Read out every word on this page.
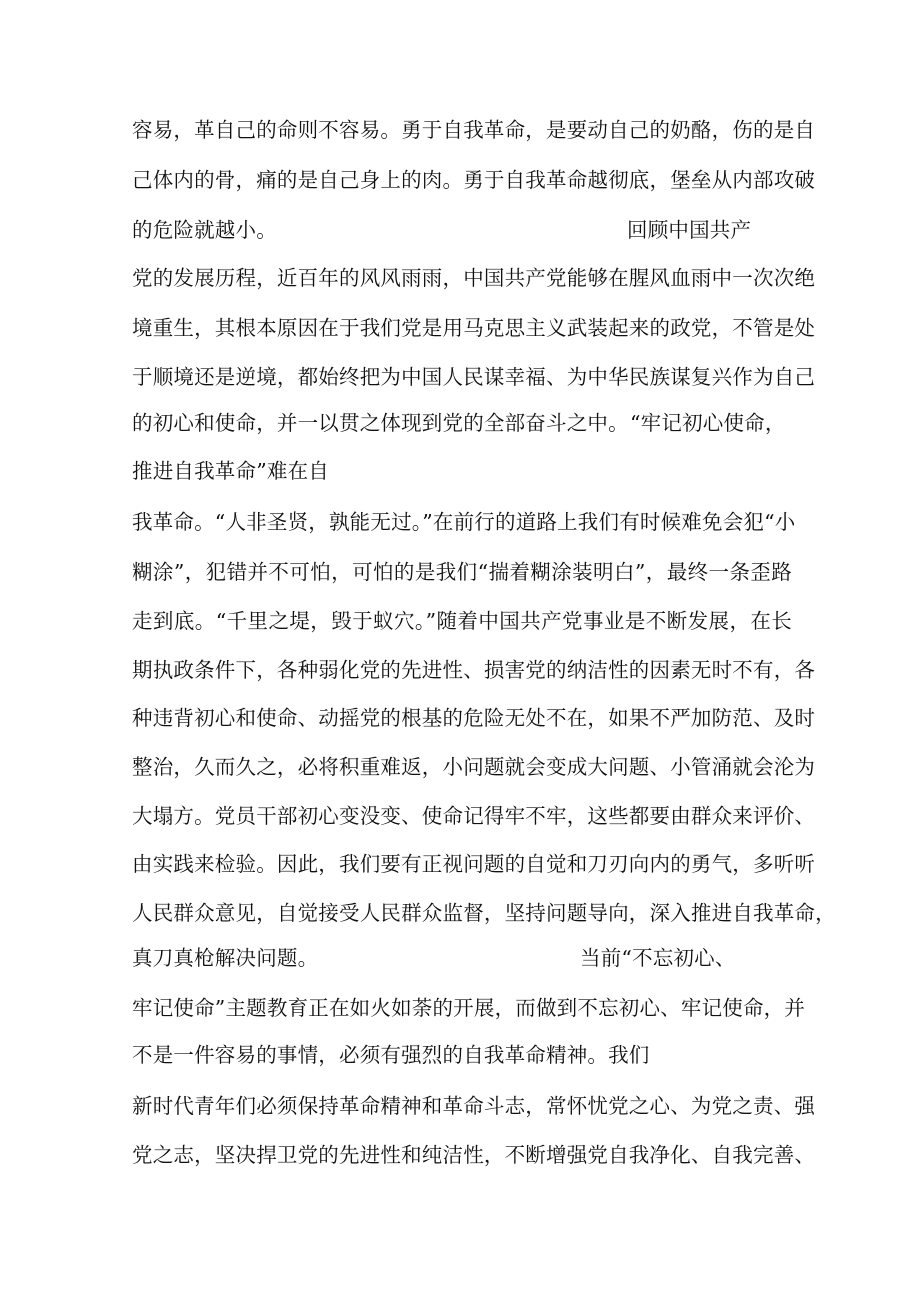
容易，革自己的命则不容易。勇于自我革命，是要动自己的奶酪，伤的是自
己体内的骨，痛的是自己身上的肉。勇于自我革命越彻底，堡垒从内部攻破
的危险就越小。	回顾中国共产
党的发展历程，近百年的风风雨雨，中国共产党能够在腥风血雨中一次次绝
境重生，其根本原因在于我们党是用马克思主义武装起来的政党，不管是处
于顺境还是逆境，都始终把为中国人民谋幸福、为中华民族谋复兴作为自己
的初心和使命，并一以贯之体现到党的全部奋斗之中。 “牢记初心使命，
推进自我革命”难在自
我革命。“人非圣贤，孰能无过。”在前行的道路上我们有时候难免会犯“小
糊涂”，犯错并不可怕，可怕的是我们“揣着糊涂装明白”，最终一条歪路
走到底。“千里之堤，毁于蚁穴。”随着中国共产党事业是不断发展，在长
期执政条件下，各种弱化党的先进性、损害党的纳洁性的因素无时不有，各
种违背初心和使命、动摇党的根基的危险无处不在，如果不严加防范、及时
整治，久而久之，必将积重难返，小问题就会变成大问题、小管涌就会沦为
大塌方。党员干部初心变没变、使命记得牢不牢，这些都要由群众来评价、
由实践来检验。因此，我们要有正视问题的自觉和刀刃向内的勇气，多听听
人民群众意见，自觉接受人民群众监督，坚持问题导向，深入推进自我革命，
真刀真枪解决问题。	当前“不忘初心、
牢记使命”主题教育正在如火如荼的开展，而做到不忘初心、牢记使命，并
不是一件容易的事情，必须有强烈的自我革命精神。我们
新时代青年们必须保持革命精神和革命斗志，常怀忧党之心、为党之责、强
党之志，坚决捍卫党的先进性和纯洁性，不断增强党自我净化、自我完善、
